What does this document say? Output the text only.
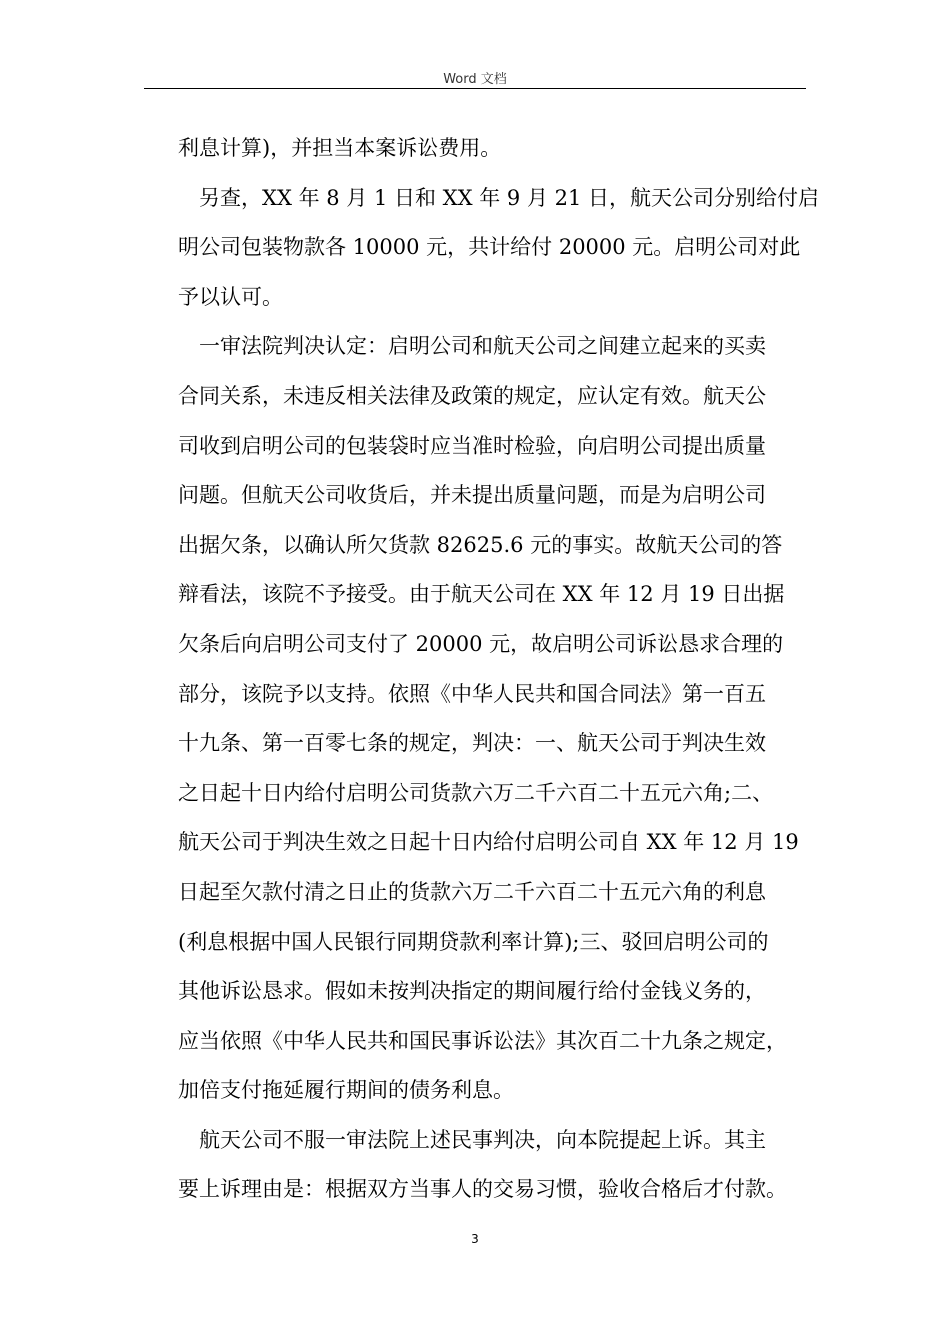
Word 文档
利息计算)，并担当本案诉讼费用。
另查，XX 年 8 月 1 日和 XX 年 9 月 21 日，航天公司分别给付启
明公司包装物款各 10000 元，共计给付 20000 元。启明公司对此
予以认可。
一审法院判决认定：启明公司和航天公司之间建立起来的买卖
合同关系，未违反相关法律及政策的规定，应认定有效。航天公
司收到启明公司的包装袋时应当准时检验，向启明公司提出质量
问题。但航天公司收货后，并未提出质量问题，而是为启明公司
出据欠条，以确认所欠货款 82625.6 元的事实。故航天公司的答
辩看法，该院不予接受。由于航天公司在 XX 年 12 月 19 日出据
欠条后向启明公司支付了 20000 元，故启明公司诉讼恳求合理的
部分，该院予以支持。依照《中华人民共和国合同法》第一百五
十九条、第一百零七条的规定，判决：一、航天公司于判决生效
之日起十日内给付启明公司货款六万二千六百二十五元六角;二、
航天公司于判决生效之日起十日内给付启明公司自 XX 年 12 月 19
日起至欠款付清之日止的货款六万二千六百二十五元六角的利息
(利息根据中国人民银行同期贷款利率计算);三、驳回启明公司的
其他诉讼恳求。假如未按判决指定的期间履行给付金钱义务的，
应当依照《中华人民共和国民事诉讼法》其次百二十九条之规定，
加倍支付拖延履行期间的债务利息。
航天公司不服一审法院上述民事判决，向本院提起上诉。其主
要上诉理由是：根据双方当事人的交易习惯，验收合格后才付款。
3
